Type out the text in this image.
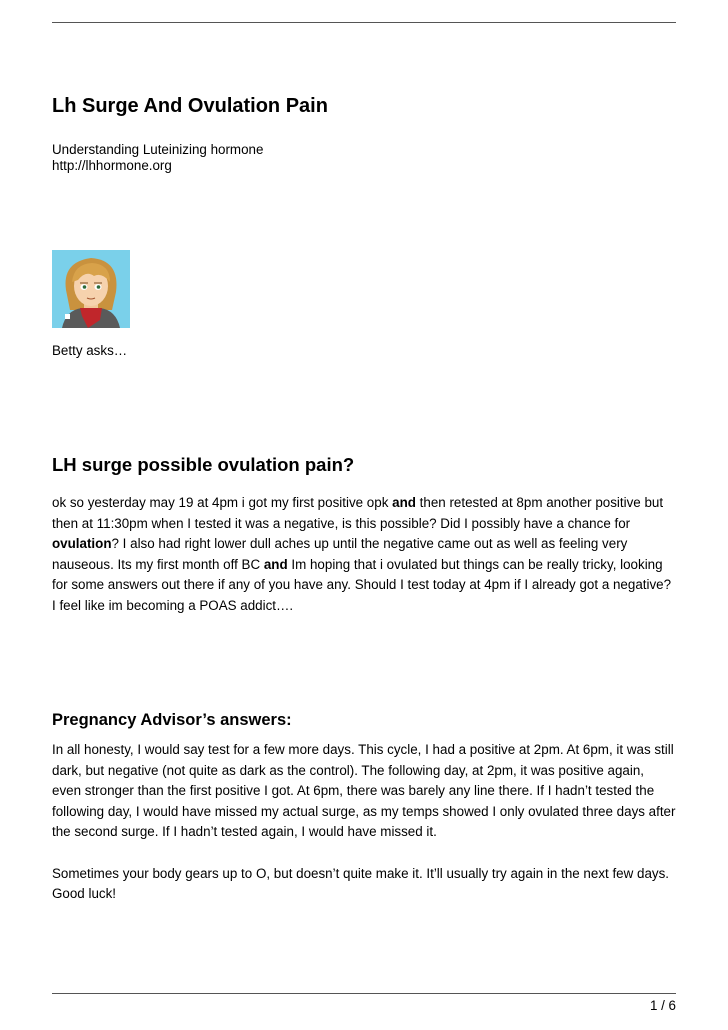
Lh Surge And Ovulation Pain
Understanding Luteinizing hormone
http://lhhormone.org
Betty asks…
LH surge possible ovulation pain?
ok so yesterday may 19 at 4pm i got my first positive opk and then retested at 8pm another positive but then at 11:30pm when I tested it was a negative, is this possible? Did I possibly have a chance for ovulation? I also had right lower dull aches up until the negative came out as well as feeling very nauseous. Its my first month off BC and Im hoping that i ovulated but things can be really tricky, looking for some answers out there if any of you have any. Should I test today at 4pm if I already got a negative? I feel like im becoming a POAS addict….
Pregnancy Advisor’s answers:

In all honesty, I would say test for a few more days. This cycle, I had a positive at 2pm. At 6pm, it was still dark, but negative (not quite as dark as the control). The following day, at 2pm, it was positive again, even stronger than the first positive I got. At 6pm, there was barely any line there. If I hadn’t tested the following day, I would have missed my actual surge, as my temps showed I only ovulated three days after the second surge. If I hadn’t tested again, I would have missed it.

Sometimes your body gears up to O, but doesn’t quite make it. It’ll usually try again in the next few days. Good luck!

1 / 6
